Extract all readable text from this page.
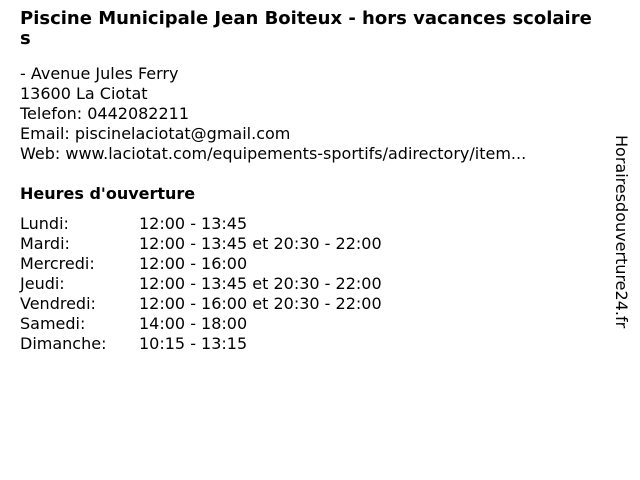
Piscine Municipale Jean Boiteux - hors vacances scolaires
- Avenue Jules Ferry
13600 La Ciotat
Telefon: 0442082211
Email: piscinelaciotat@gmail.com
Web: www.laciotat.com/equipements-sportifs/adirectory/item...
Heures d'ouverture
Lundi:	12:00 - 13:45
Mardi:	12:00 - 13:45 et 20:30 - 22:00
Mercredi:	12:00 - 16:00
Jeudi:	12:00 - 13:45 et 20:30 - 22:00
Vendredi:	12:00 - 16:00 et 20:30 - 22:00
Samedi:	14:00 - 18:00
Dimanche: 10:15 - 13:15
Horairesdouverture24.fr
